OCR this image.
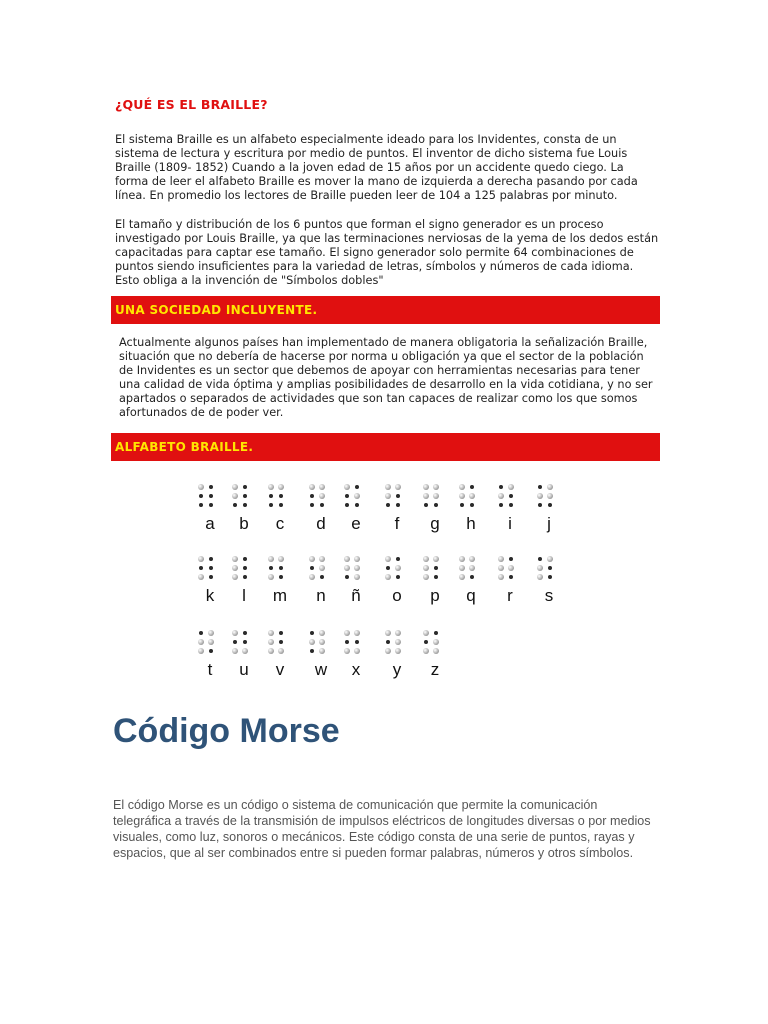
¿QUÉ ES EL BRAILLE?
El sistema Braille es un alfabeto especialmente ideado para los Invidentes, consta de un sistema de lectura y escritura por medio de puntos. El inventor de dicho sistema fue Louis Braille (1809- 1852) Cuando a la joven edad de 15 años por un accidente quedo ciego. La forma de leer el alfabeto Braille es mover la mano de izquierda a derecha pasando por cada línea. En promedio los lectores de Braille pueden leer de 104 a 125 palabras por minuto.
El tamaño y distribución de los 6 puntos que forman el signo generador es un proceso investigado por Louis Braille, ya que las terminaciones nerviosas de la yema de los dedos están capacitadas para captar ese tamaño. El signo generador solo permite 64 combinaciones de puntos siendo insuficientes para la variedad de letras, símbolos y números de cada idioma. Esto obliga a la invención de "Símbolos dobles"
UNA SOCIEDAD INCLUYENTE.
Actualmente algunos países han implementado de manera obligatoria la señalización Braille, situación que no debería de hacerse por norma u obligación ya que el sector de la población de Invidentes es un sector que debemos de apoyar con herramientas necesarias para tener una calidad de vida óptima y amplias posibilidades de desarrollo en la vida cotidiana, y no ser apartados o separados de actividades que son tan capaces de realizar como los que somos afortunados de de poder ver.
ALFABETO BRAILLE.
a	b	c	d	e	f	g	h	i	j
k	l	m	n	ñ	o	p	q	r	s
t	u	v	w	x	y	z
Código Morse
El código Morse es un código o sistema de comunicación que permite la comunicación telegráfica a través de la transmisión de impulsos eléctricos de longitudes diversas o por medios visuales, como luz, sonoros o mecánicos. Este código consta de una serie de puntos, rayas y espacios, que al ser combinados entre si pueden formar palabras, números y otros símbolos.
